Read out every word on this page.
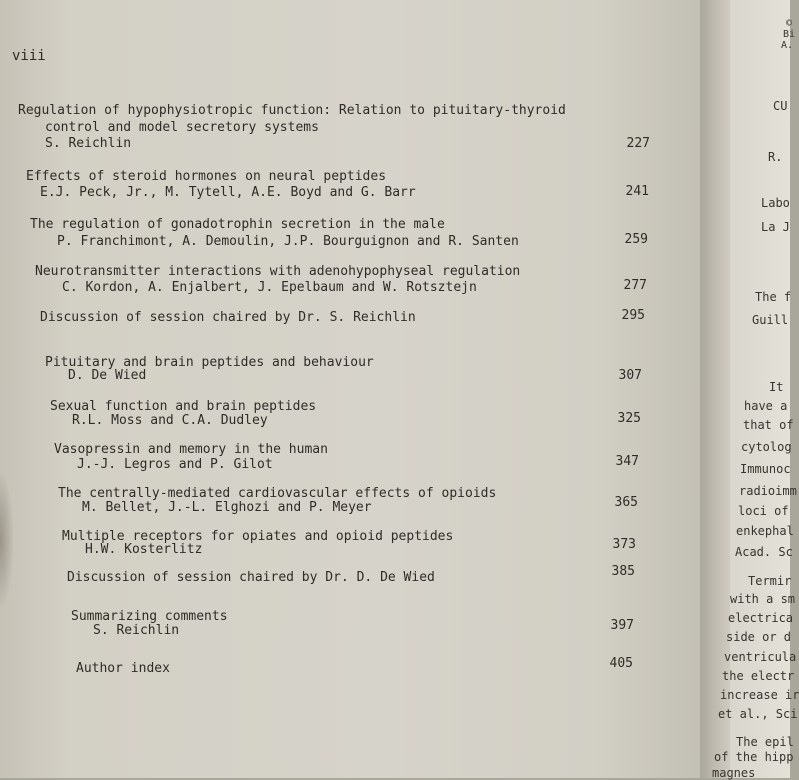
viii
Regulation of hypophysiotropic function: Relation to pituitary-thyroid
control and model secretory systems
S. Reichlin	227
Effects of steroid hormones on neural peptides
E.J. Peck, Jr., M. Tytell, A.E. Boyd and G. Barr	241
The regulation of gonadotrophin secretion in the male
P. Franchimont, A. Demoulin, J.P. Bourguignon and R. Santen	259
Neurotransmitter interactions with adenohypophyseal regulation
C. Kordon, A. Enjalbert, J. Epelbaum and W. Rotsztejn	277
Discussion of session chaired by Dr. S. Reichlin	295
Pituitary and brain peptides and behaviour
D. De Wied	307
Sexual function and brain peptides
R.L. Moss and C.A. Dudley	325
Vasopressin and memory in the human
J.-J. Legros and P. Gilot	347
The centrally-mediated cardiovascular effects of opioids
M. Bellet, J.-L. Elghozi and P. Meyer	365
Multiple receptors for opiates and opioid peptides
H.W. Kosterlitz	373
Discussion of session chaired by Dr. D. De Wied	385
Summarizing comments
S. Reichlin	397
Author index	405
©
Bi
A.
CU
R.
Labo
La J
The f
Guill
It
have a
that of
cytolog
Immunoc
radioimm
loci of
enkephal
Acad. Sc
Termir
with a sm
electrica
side or d
ventricula
the electr
increase ir
et al., Sci
The epil
of the hipp
magnes
